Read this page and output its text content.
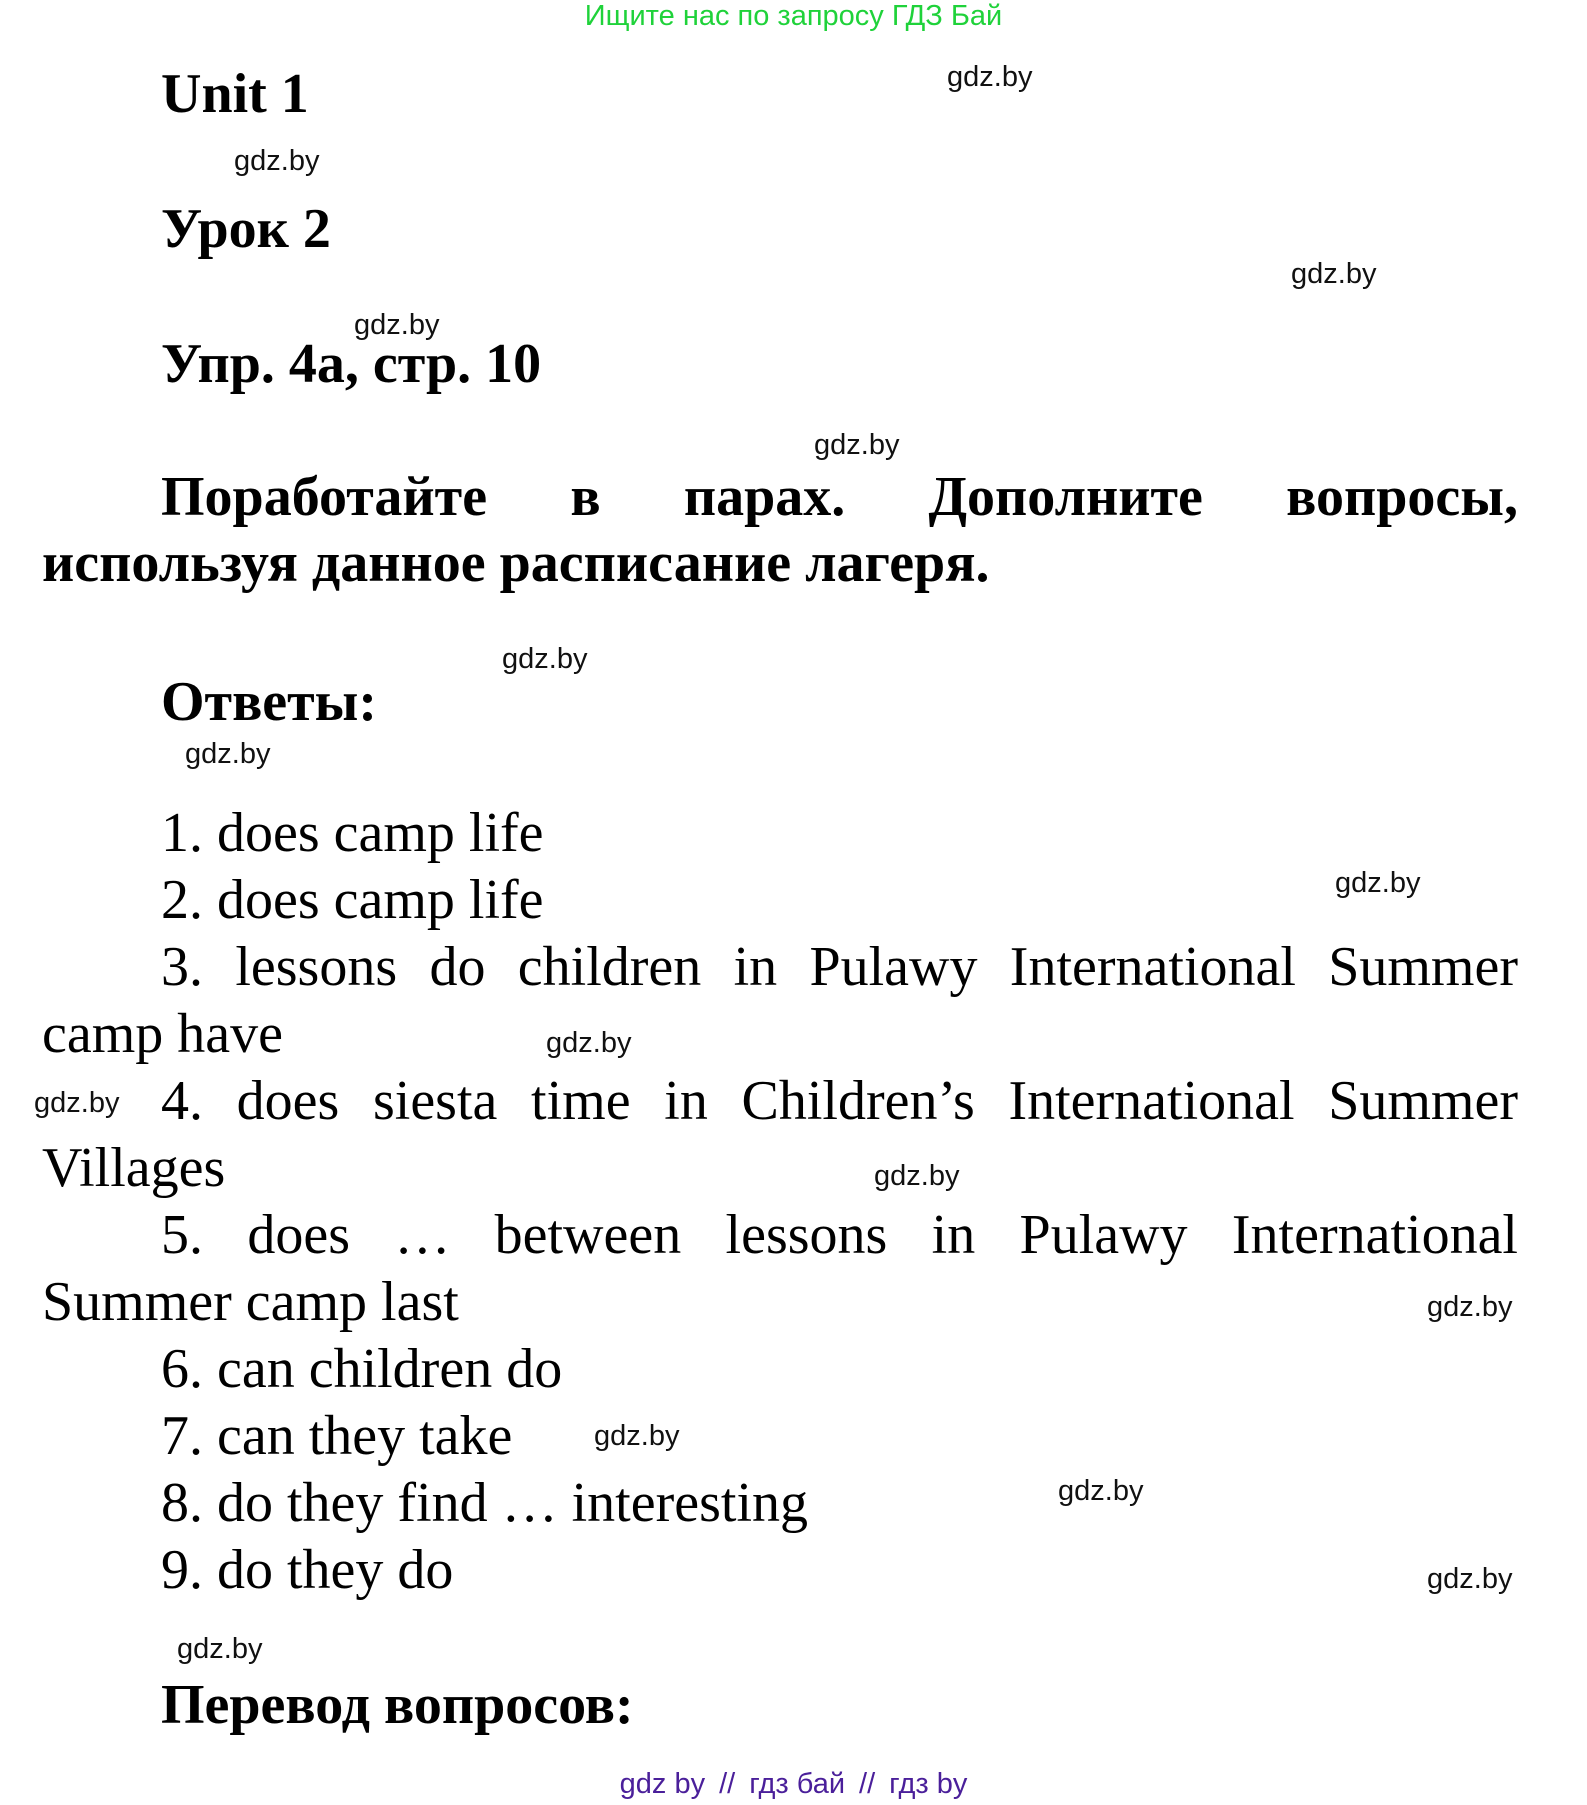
Ищите нас по запросу ГДЗ Бай
Unit 1
Урок 2
Упр. 4а, стр. 10
Поработайте в парах. Дополните вопросы,
используя данное расписание лагеря.
Ответы:
1. does camp life
2. does camp life
3. lessons do children in Pulawy International Summer
camp have
4. does siesta time in Children’s International Summer
Villages
5. does … between lessons in Pulawy International
Summer camp last
6. can children do
7. can they take
8. do they find … interesting
9. do they do
Перевод вопросов:
gdz.by
gdz.by
gdz.by
gdz.by
gdz.by
gdz.by
gdz.by
gdz.by
gdz.by
gdz.by
gdz.by
gdz.by
gdz.by
gdz.by
gdz.by
gdz.by
gdz by // гдз бай // гдз by
